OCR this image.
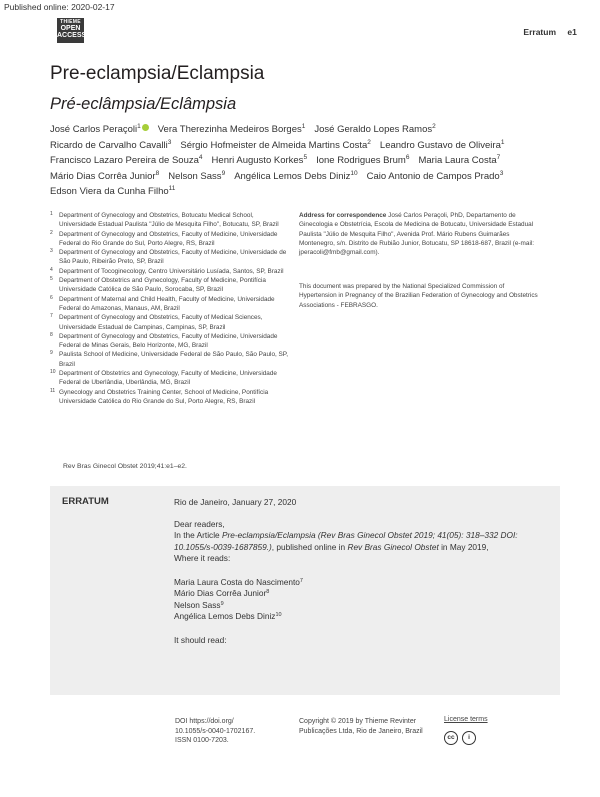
Published online: 2020-02-17
THIEME
OPEN
ACCESS	Erratum e1
Pre-eclampsia/Eclampsia
Pré-eclâmpsia/Eclâmpsia
José Carlos Peraçoli$^1$ Vera Therezinha Medeiros Borges$^1$ José Geraldo Lopes Ramos$^2$Ricardo de Carvalho Cavalli$^3$ Sérgio Hofmeister de Almeida Martins Costa$^2$ Leandro Gustavo de Oliveira$^1$Francisco Lazaro Pereira de Souza$^4$ Henri Augusto Korkes$^5$ Ione Rodrigues Brum$^6$ Maria Laura Costa$^7$Mário Dias Corrêa Junior$^8$ Nelson Sass$^9$ Angélica Lemos Debs Diniz$^{10}$ Caio Antonio de Campos Prado$^3$Edson Viera da Cunha Filho$^{11}$
1 Department of Gynecology and Obstetrics, Botucatu Medical School, Universidade Estadual Paulista "Júlio de Mesquita Filho", Botucatu, SP, Brazil
2 Department of Gynecology and Obstetrics, Faculty of Medicine, Universidade Federal do Rio Grande do Sul, Porto Alegre, RS, Brazil
3 Department of Gynecology and Obstetrics, Faculty of Medicine, Universidade de São Paulo, Ribeirão Preto, SP, Brazil
4 Department of Tocoginecology, Centro Universitário Lusíada, Santos, SP, Brazil
5 Department of Obstetrics and Gynecology, Faculty of Medicine, Pontifícia Universidade Católica de São Paulo, Sorocaba, SP, Brazil
6 Department of Maternal and Child Health, Faculty of Medicine, Universidade Federal do Amazonas, Manaus, AM, Brazil
7 Department of Gynecology and Obstetrics, Faculty of Medical Sciences, Universidade Estadual de Campinas, Campinas, SP, Brazil
8 Department of Gynecology and Obstetrics, Faculty of Medicine, Universidade Federal de Minas Gerais, Belo Horizonte, MG, Brazil
9 Paulista School of Medicine, Universidade Federal de São Paulo, São Paulo, SP, Brazil
10 Department of Obstetrics and Gynecology, Faculty of Medicine, Universidade Federal de Uberlândia, Uberlândia, MG, Brazil
11 Gynecology and Obstetrics Training Center, School of Medicine, Pontifícia Universidade Católica do Rio Grande do Sul, Porto Alegre, RS, Brazil
Address for correspondence José Carlos Peraçoli, PhD, Departamento de Ginecologia e Obstetrícia, Escola de Medicina de Botucatu, Universidade Estadual Paulista "Júlio de Mesquita Filho", Avenida Prof. Mário Rubens Guimarães Montenegro, s/n. Distrito de Rubião Junior, Botucatu, SP 18618-687, Brazil (e-mail: jperacoli@fmb@gmail.com).
This document was prepared by the National Specialized Commission of Hypertension in Pregnancy of the Brazilian Federation of Gynecology and Obstetrics Associations - FEBRASGO.
Rev Bras Ginecol Obstet 2019;41:e1–e2.
ERRATUM	Rio de Janeiro, January 27, 2020

Dear readers,

In the Article Pre-eclampsia/Eclampsia (Rev Bras Ginecol Obstet 2019; 41(05): 318–332 DOI: 10.1055/s-0039-1687859.), published online in Rev Bras Ginecol Obstet in May 2019,

Where it reads:

Maria Laura Costa do Nascimento$^7$

Mário Dias Corrêa Junior$^8$

Nelson Sass$^9$

Angélica Lemos Debs Diniz$^{10}$

It should read:

DOI https://doi.org/
10.1055/s-0040-1702167.
ISSN 0100-7203.
Copyright © 2019 by Thieme Revinter
Publicações Ltda, Rio de Janeiro, Brazil
License terms
cc	i
